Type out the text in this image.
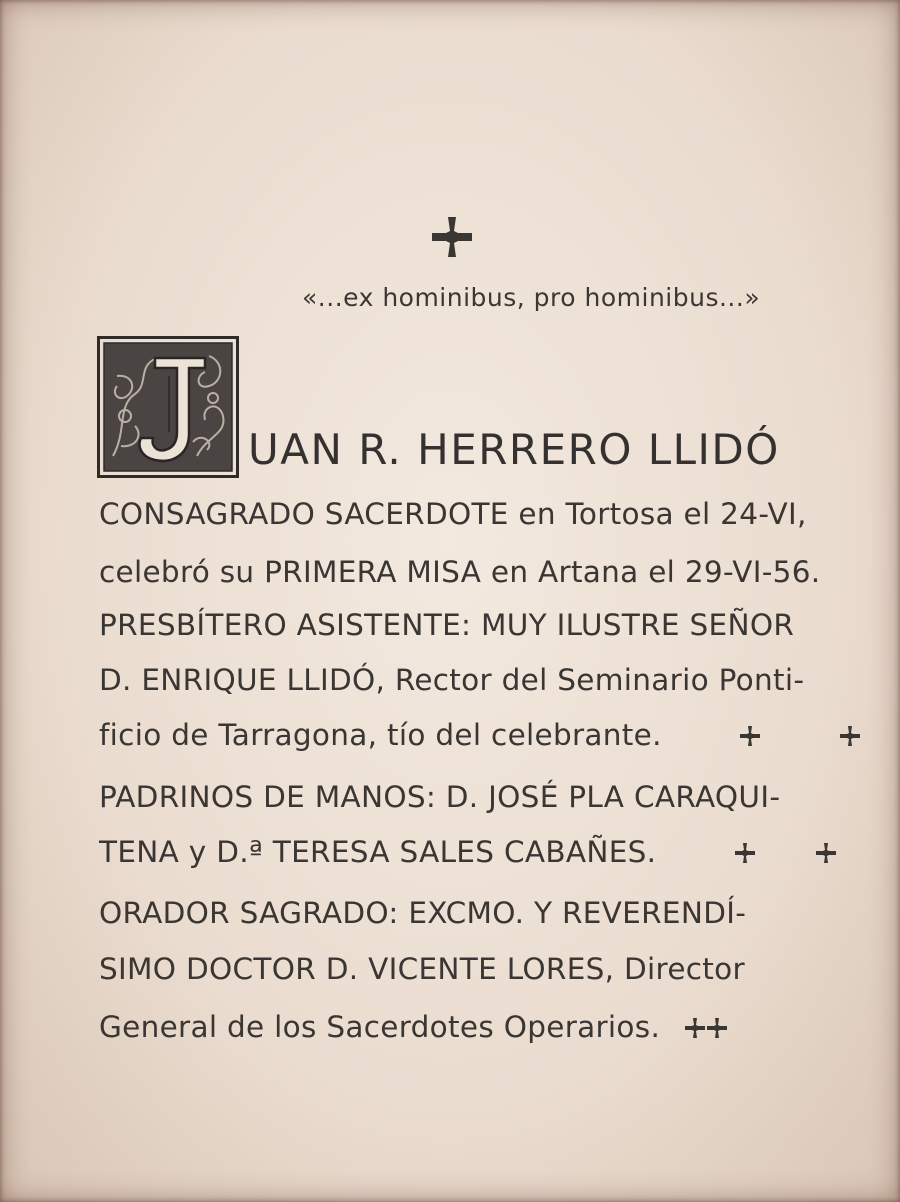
«...ex hominibus, pro hominibus...»
UAN R. HERRERO LLIDÓ
CONSAGRADO SACERDOTE en Tortosa el 24-VI,
celebró su PRIMERA MISA en Artana el 29-VI-56.
PRESBÍTERO ASISTENTE: MUY ILUSTRE SEÑOR
D. ENRIQUE LLIDÓ, Rector del Seminario Ponti-
ficio de Tarragona, tío del celebrante.
PADRINOS DE MANOS: D. JOSÉ PLA CARAQUI-
TENA y D.ª TERESA SALES CABAÑES.
ORADOR SAGRADO: EXCMO. Y REVERENDÍ-
SIMO DOCTOR D. VICENTE LORES, Director
General de los Sacerdotes Operarios.
